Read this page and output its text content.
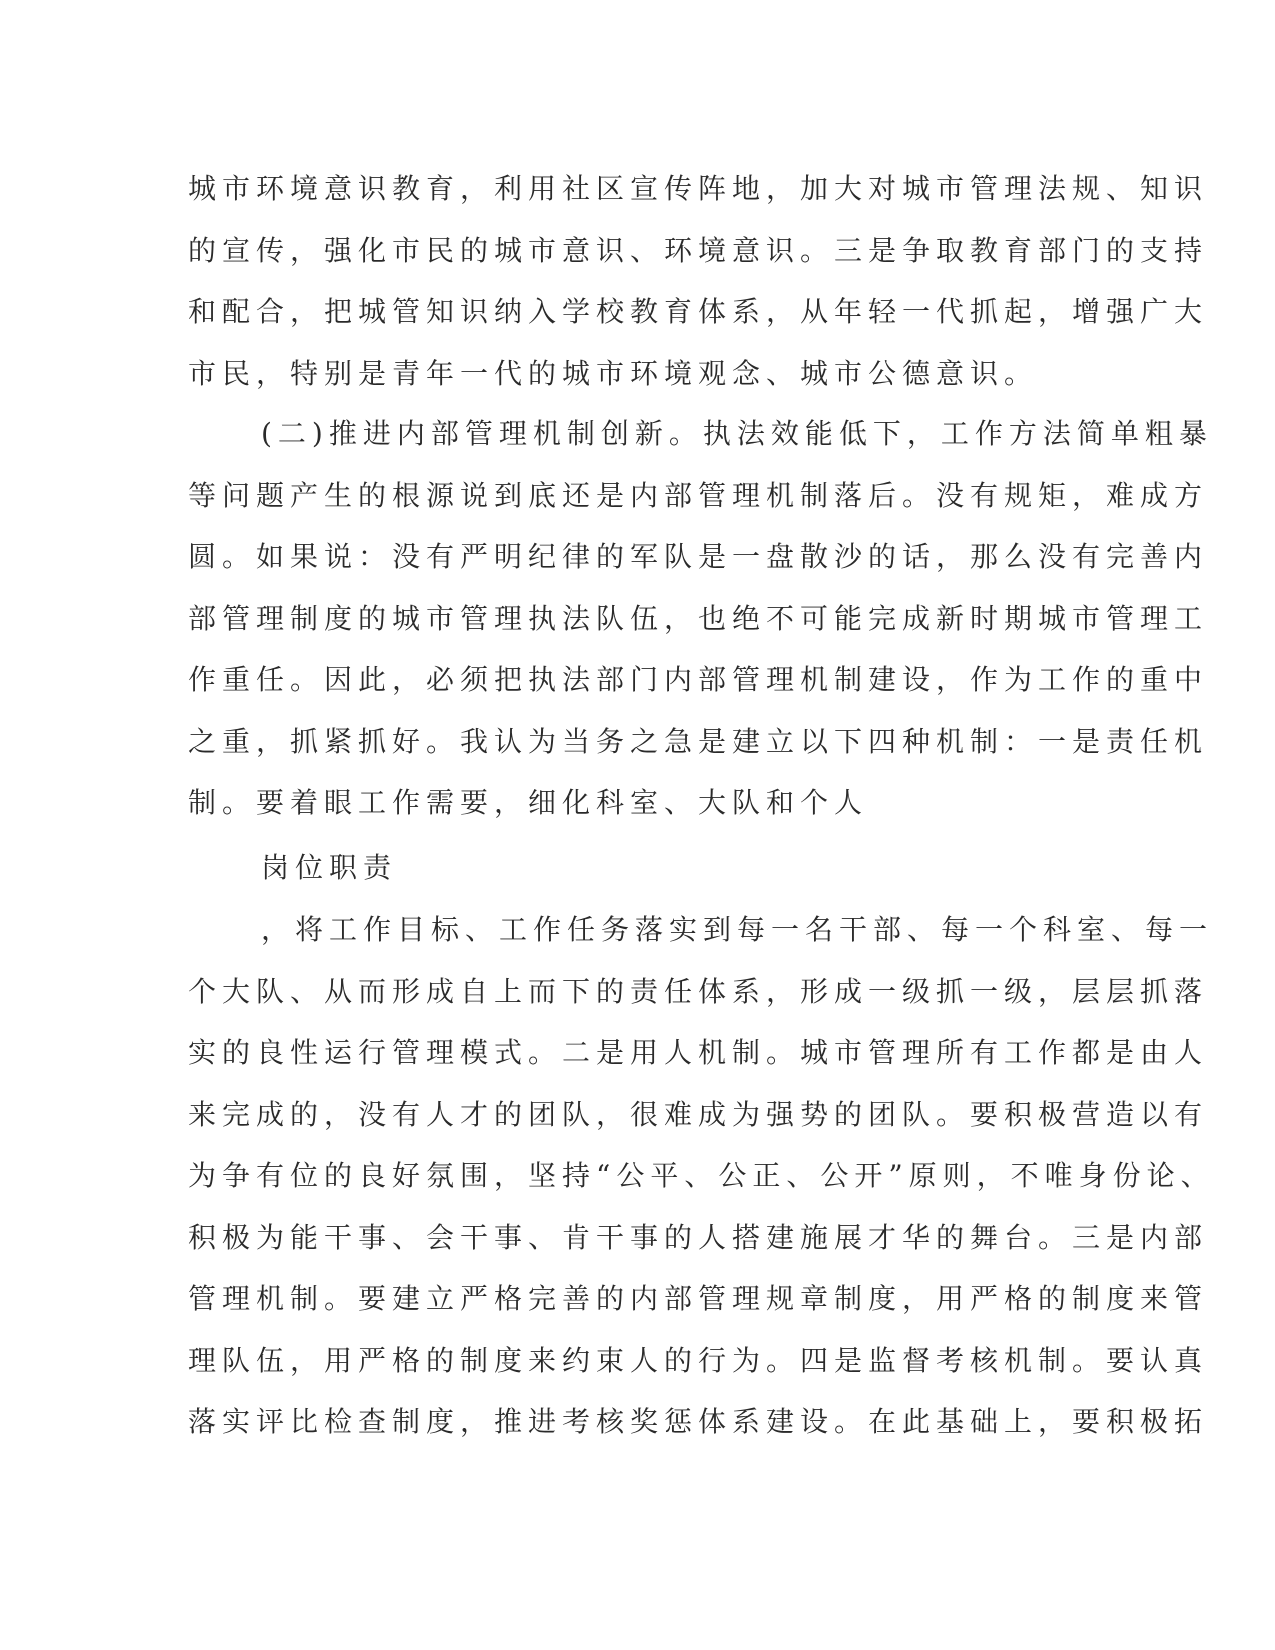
城市环境意识教育，利用社区宣传阵地，加大对城市管理法规、知识
的宣传，强化市民的城市意识、环境意识。三是争取教育部门的支持
和配合，把城管知识纳入学校教育体系，从年轻一代抓起，增强广大
市民，特别是青年一代的城市环境观念、城市公德意识。
(二)推进内部管理机制创新。执法效能低下，工作方法简单粗暴
等问题产生的根源说到底还是内部管理机制落后。没有规矩，难成方
圆。如果说：没有严明纪律的军队是一盘散沙的话，那么没有完善内
部管理制度的城市管理执法队伍，也绝不可能完成新时期城市管理工
作重任。因此，必须把执法部门内部管理机制建设，作为工作的重中
之重，抓紧抓好。我认为当务之急是建立以下四种机制：一是责任机
制。要着眼工作需要，细化科室、大队和个人
岗位职责
，将工作目标、工作任务落实到每一名干部、每一个科室、每一
个大队、从而形成自上而下的责任体系，形成一级抓一级，层层抓落
实的良性运行管理模式。二是用人机制。城市管理所有工作都是由人
来完成的，没有人才的团队，很难成为强势的团队。要积极营造以有
为争有位的良好氛围，坚持“公平、公正、公开”原则，不唯身份论、
积极为能干事、会干事、肯干事的人搭建施展才华的舞台。三是内部
管理机制。要建立严格完善的内部管理规章制度，用严格的制度来管
理队伍，用严格的制度来约束人的行为。四是监督考核机制。要认真
落实评比检查制度，推进考核奖惩体系建设。在此基础上，要积极拓
